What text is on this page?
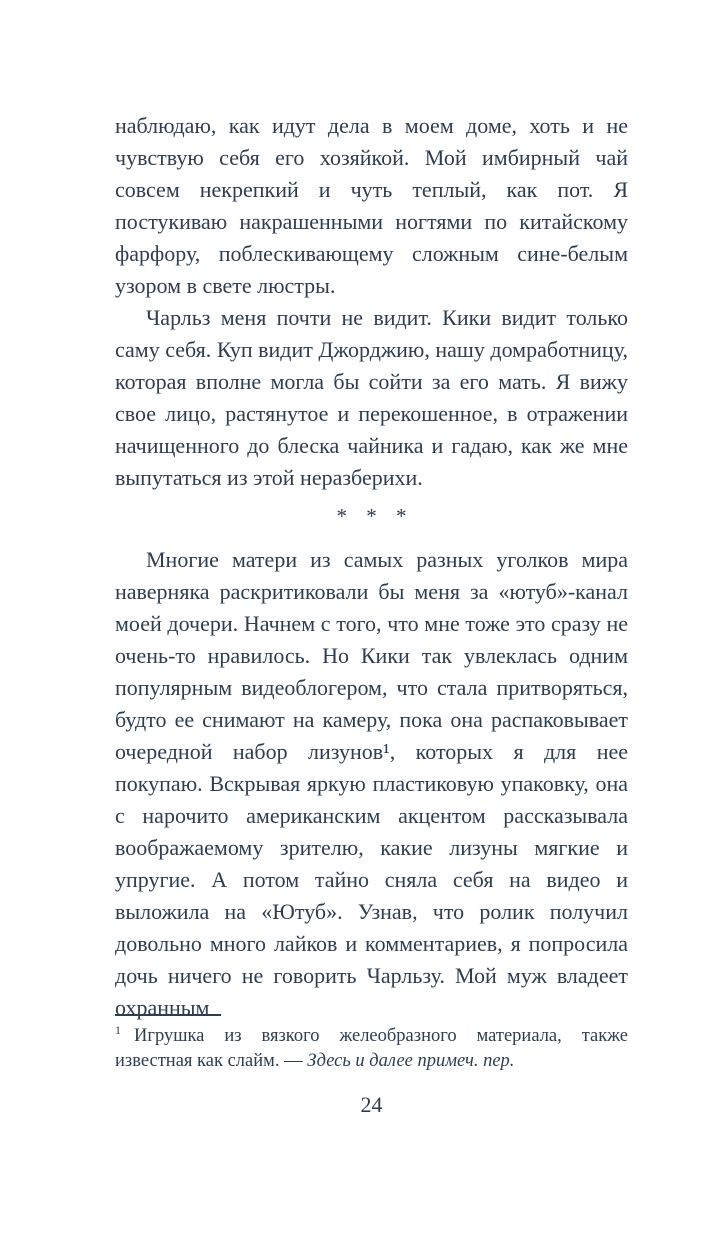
наблюдаю, как идут дела в моем доме, хоть и не чувствую себя его хозяйкой. Мой имбирный чай совсем некрепкий и чуть теплый, как пот. Я постукиваю накрашенными ногтями по китайскому фарфору, поблескивающему сложным сине-белым узором в свете люстры.

Чарльз меня почти не видит. Кики видит только саму себя. Куп видит Джорджию, нашу домработницу, которая вполне могла бы сойти за его мать. Я вижу свое лицо, растянутое и перекошенное, в отражении начищенного до блеска чайника и гадаю, как же мне выпутаться из этой неразберихи.

* * *

Многие матери из самых разных уголков мира наверняка раскритиковали бы меня за «ютуб»-канал моей дочери. Начнем с того, что мне тоже это сразу не очень-то нравилось. Но Кики так увлеклась одним популярным видеоблогером, что стала притворяться, будто ее снимают на камеру, пока она распаковывает очередной набор лизунов¹, которых я для нее покупаю. Вскрывая яркую пластиковую упаковку, она с нарочито американским акцентом рассказывала воображаемому зрителю, какие лизуны мягкие и упругие. А потом тайно сняла себя на видео и выложила на «Ютуб». Узнав, что ролик получил довольно много лайков и комментариев, я попросила дочь ничего не говорить Чарльзу. Мой муж владеет охранным

$^1$ Игрушка из вязкого желеобразного материала, также известная как слайм. — Здесь и далее примеч. пер.

24
